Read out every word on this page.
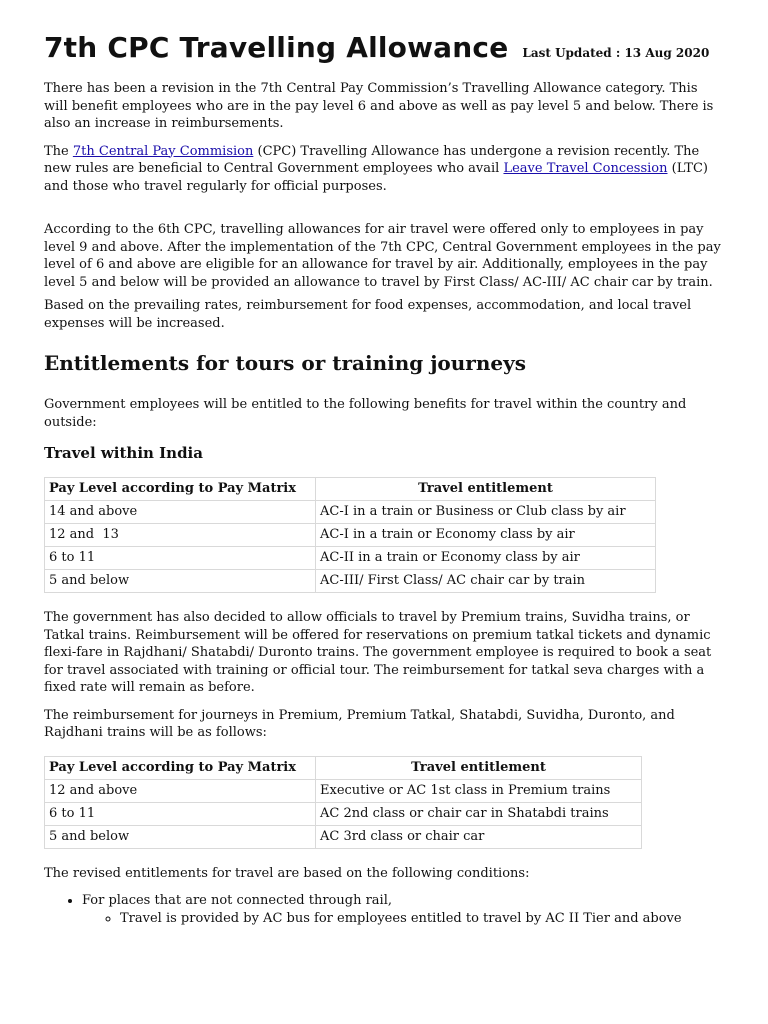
7th CPC Travelling Allowance Last Updated : 13 Aug 2020

There has been a revision in the 7th Central Pay Commission’s Travelling Allowance category. This will benefit employees who are in the pay level 6 and above as well as pay level 5 and below. There is also an increase in reimbursements.

The 7th Central Pay Commision (CPC) Travelling Allowance has undergone a revision recently. The new rules are beneficial to Central Government employees who avail Leave Travel Concession (LTC) and those who travel regularly for official purposes.

According to the 6th CPC, travelling allowances for air travel were offered only to employees in pay level 9 and above. After the implementation of the 7th CPC, Central Government employees in the pay level of 6 and above are eligible for an allowance for travel by air. Additionally, employees in the pay level 5 and below will be provided an allowance to travel by First Class/ AC-III/ AC chair car by train.

Based on the prevailing rates, reimbursement for food expenses, accommodation, and local travel expenses will be increased.

Entitlements for tours or training journeys

Government employees will be entitled to the following benefits for travel within the country and outside:

Travel within India
Pay Level according to Pay Matrix	Travel entitlement
14 and above	AC-I in a train or Business or Club class by air
12 and  13	AC-I in a train or Economy class by air
6 to 11	AC-II in a train or Economy class by air
5 and below	AC-III/ First Class/ AC chair car by train

The government has also decided to allow officials to travel by Premium trains, Suvidha trains, or Tatkal trains. Reimbursement will be offered for reservations on premium tatkal tickets and dynamic flexi-fare in Rajdhani/ Shatabdi/ Duronto trains. The government employee is required to book a seat for travel associated with training or official tour. The reimbursement for tatkal seva charges with a fixed rate will remain as before.

The reimbursement for journeys in Premium, Premium Tatkal, Shatabdi, Suvidha, Duronto, and Rajdhani trains will be as follows:

Pay Level according to Pay Matrix	Travel entitlement
12 and above	Executive or AC 1st class in Premium trains
6 to 11	AC 2nd class or chair car in Shatabdi trains
5 and below	AC 3rd class or chair car

The revised entitlements for travel are based on the following conditions:

• For places that are not connected through rail,
◦ Travel is provided by AC bus for employees entitled to travel by AC II Tier and above
